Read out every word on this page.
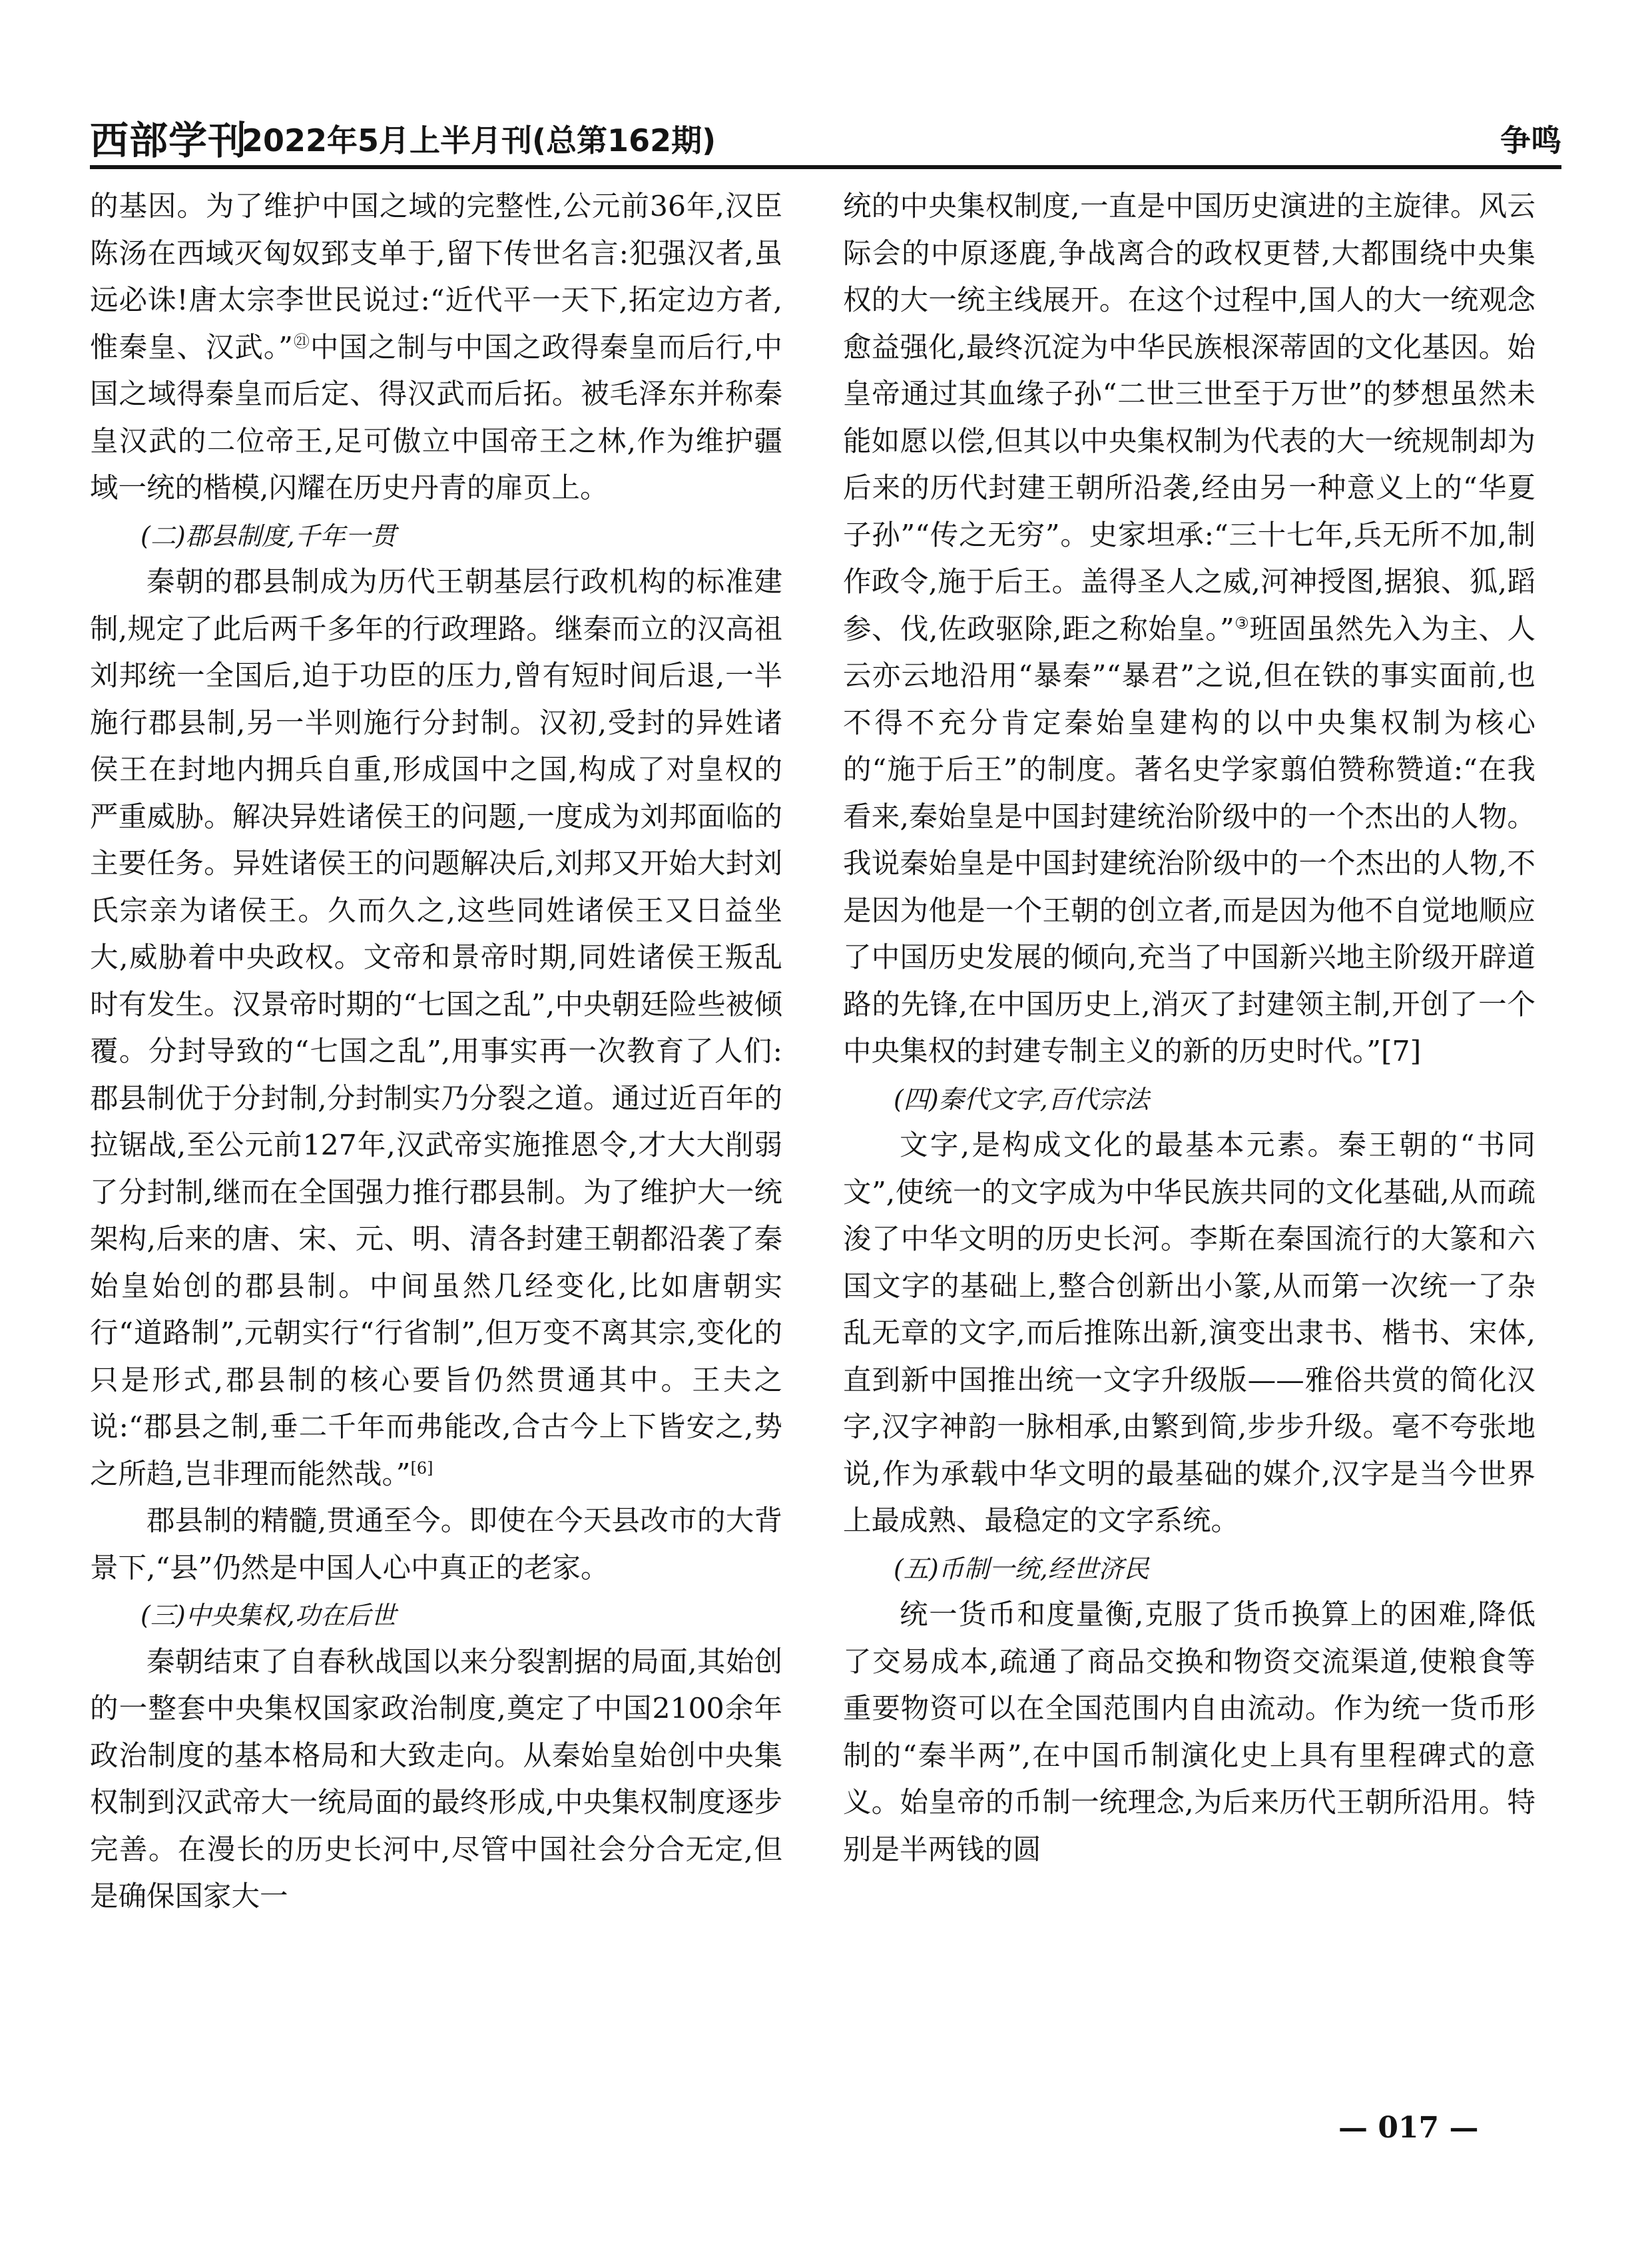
西部学刊
2022年5月上半月刊(总第162期)	争鸣

的基因。为了维护中国之域的完整性,公元前36年,汉臣陈汤在西域灭匈奴郅支单于,留下传世名言:犯强汉者,虽远必诛!唐太宗李世民说过:“近代平一天下,拓定边方者,惟秦皇、汉武。”$^㉑$中国之制与中国之政得秦皇而后行,中国之域得秦皇而后定、得汉武而后拓。被毛泽东并称秦皇汉武的二位帝王,足可傲立中国帝王之林,作为维护疆域一统的楷模,闪耀在历史丹青的扉页上。

(二)郡县制度,千年一贯

秦朝的郡县制成为历代王朝基层行政机构的标准建制,规定了此后两千多年的行政理路。继秦而立的汉高祖刘邦统一全国后,迫于功臣的压力,曾有短时间后退,一半施行郡县制,另一半则施行分封制。汉初,受封的异姓诸侯王在封地内拥兵自重,形成国中之国,构成了对皇权的严重威胁。解决异姓诸侯王的问题,一度成为刘邦面临的主要任务。异姓诸侯王的问题解决后,刘邦又开始大封刘氏宗亲为诸侯王。久而久之,这些同姓诸侯王又日益坐大,威胁着中央政权。文帝和景帝时期,同姓诸侯王叛乱时有发生。汉景帝时期的“七国之乱”,中央朝廷险些被倾覆。分封导致的“七国之乱”,用事实再一次教育了人们:郡县制优于分封制,分封制实乃分裂之道。通过近百年的拉锯战,至公元前127年,汉武帝实施推恩令,才大大削弱了分封制,继而在全国强力推行郡县制。为了维护大一统架构,后来的唐、宋、元、明、清各封建王朝都沿袭了秦始皇始创的郡县制。中间虽然几经变化,比如唐朝实行“道路制”,元朝实行“行省制”,但万变不离其宗,变化的只是形式,郡县制的核心要旨仍然贯通其中。王夫之说:“郡县之制,垂二千年而弗能改,合古今上下皆安之,势之所趋,岂非理而能然哉。”[6]

郡县制的精髓,贯通至今。即使在今天县改市的大背景下,“县”仍然是中国人心中真正的老家。

(三)中央集权,功在后世

秦朝结束了自春秋战国以来分裂割据的局面,其始创的一整套中央集权国家政治制度,奠定了中国2100余年政治制度的基本格局和大致走向。从秦始皇始创中央集权制到汉武帝大一统局面的最终形成,中央集权制度逐步完善。在漫长的历史长河中,尽管中国社会分合无定,但是确保国家大一

统的中央集权制度,一直是中国历史演进的主旋律。风云际会的中原逐鹿,争战离合的政权更替,大都围绕中央集权的大一统主线展开。在这个过程中,国人的大一统观念愈益强化,最终沉淀为中华民族根深蒂固的文化基因。始皇帝通过其血缘子孙“二世三世至于万世”的梦想虽然未能如愿以偿,但其以中央集权制为代表的大一统规制却为后来的历代封建王朝所沿袭,经由另一种意义上的“华夏子孙”“传之无穷”。史家坦承:“三十七年,兵无所不加,制作政令,施于后王。盖得圣人之威,河神授图,据狼、狐,蹈参、伐,佐政驱除,距之称始皇。”③班固虽然先入为主、人云亦云地沿用“暴秦”“暴君”之说,但在铁的事实面前,也不得不充分肯定秦始皇建构的以中央集权制为核心的“施于后王”的制度。著名史学家翦伯赞称赞道:“在我看来,秦始皇是中国封建统治阶级中的一个杰出的人物。我说秦始皇是中国封建统治阶级中的一个杰出的人物,不是因为他是一个王朝的创立者,而是因为他不自觉地顺应了中国历史发展的倾向,充当了中国新兴地主阶级开辟道路的先锋,在中国历史上,消灭了封建领主制,开创了一个中央集权的封建专制主义的新的历史时代。”[7]

(四)秦代文字,百代宗法

文字,是构成文化的最基本元素。秦王朝的“书同文”,使统一的文字成为中华民族共同的文化基础,从而疏浚了中华文明的历史长河。李斯在秦国流行的大篆和六国文字的基础上,整合创新出小篆,从而第一次统一了杂乱无章的文字,而后推陈出新,演变出隶书、楷书、宋体,直到新中国推出统一文字升级版——雅俗共赏的简化汉字,汉字神韵一脉相承,由繁到简,步步升级。毫不夸张地说,作为承载中华文明的最基础的媒介,汉字是当今世界上最成熟、最稳定的文字系统。

(五)币制一统,经世济民

统一货币和度量衡,克服了货币换算上的困难,降低了交易成本,疏通了商品交换和物资交流渠道,使粮食等重要物资可以在全国范围内自由流动。作为统一货币形制的“秦半两”,在中国币制演化史上具有里程碑式的意义。始皇帝的币制一统理念,为后来历代王朝所沿用。特别是半两钱的圆

— 017 —
